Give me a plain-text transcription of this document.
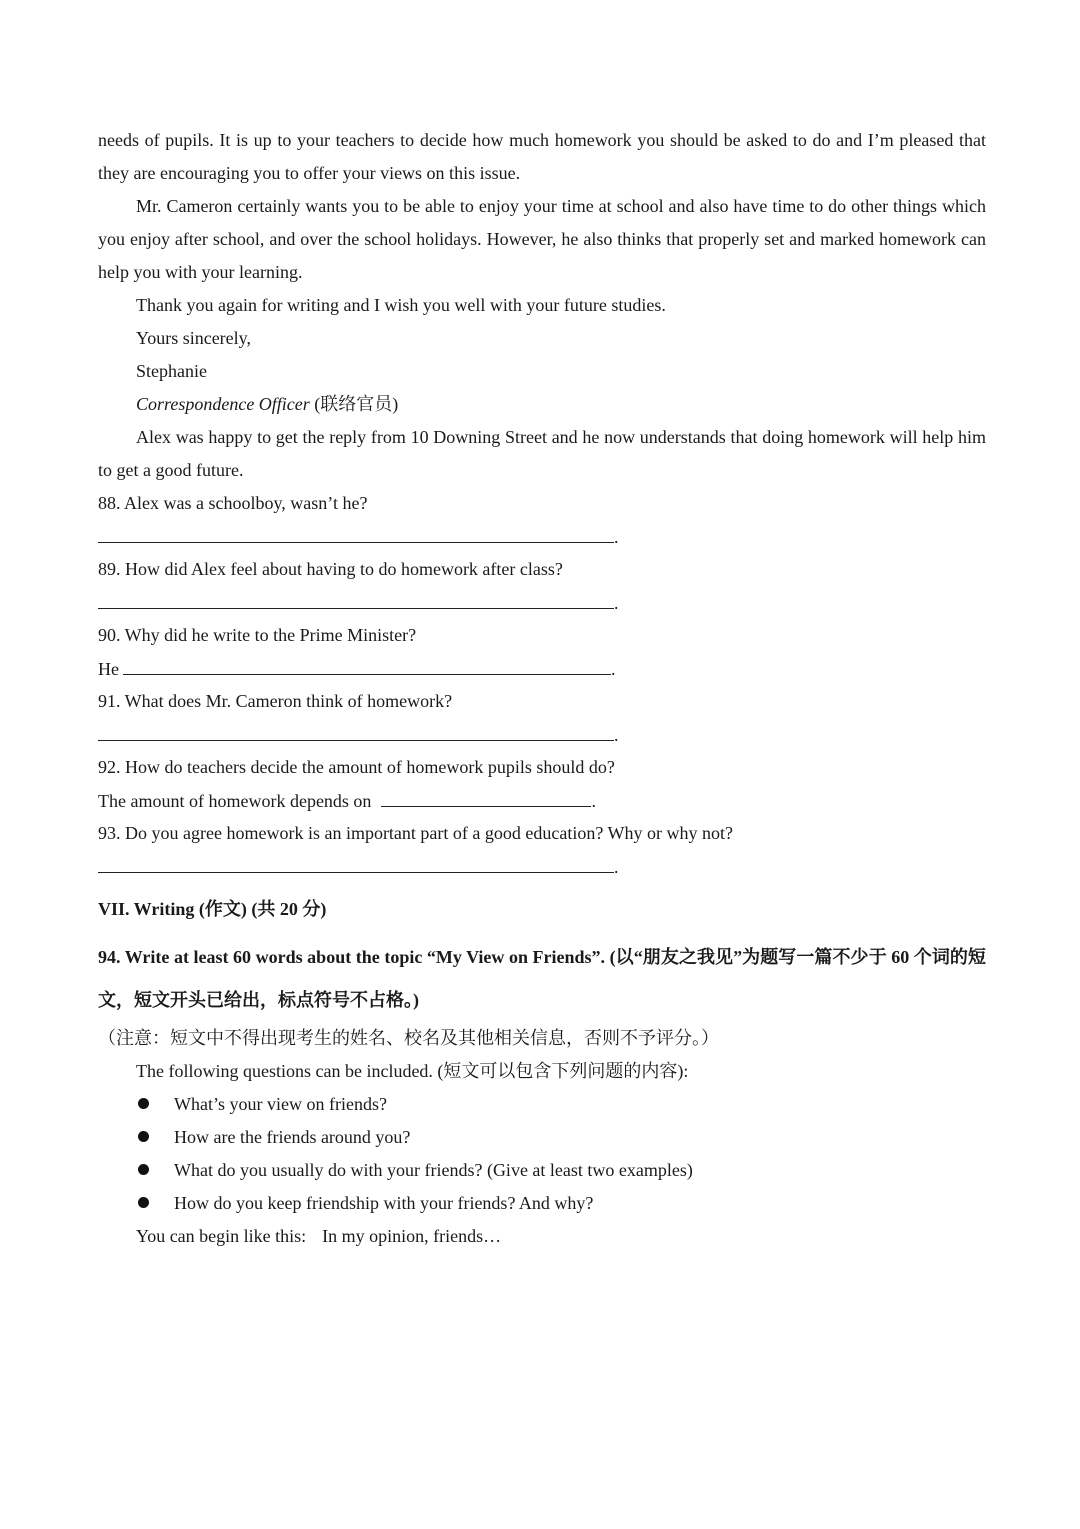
needs of pupils. It is up to your teachers to decide how much homework you should be asked to do and I’m pleased that they are encouraging you to offer your views on this issue.

Mr. Cameron certainly wants you to be able to enjoy your time at school and also have time to do other things which you enjoy after school, and over the school holidays. However, he also thinks that properly set and marked homework can help you with your learning.

Thank you again for writing and I wish you well with your future studies.

Yours sincerely,

Stephanie

Correspondence Officer (联络官员)

Alex was happy to get the reply from 10 Downing Street and he now understands that doing homework will help him to get a good future.

88. Alex was a schoolboy, wasn’t he?

.

89. How did Alex feel about having to do homework after class?

.

90. Why did he write to the Prime Minister?

He	.

91. What does Mr. Cameron think of homework?

.

92. How do teachers decide the amount of homework pupils should do?

The amount of homework depends on	.

93. Do you agree homework is an important part of a good education? Why or why not?

.

VII. Writing (作文) (共 20 分)

94. Write at least 60 words about the topic “My View on Friends”. (以“朋友之我见”为题写一篇不少于 60 个词的短文，短文开头已给出，标点符号不占格。)

（注意：短文中不得出现考生的姓名、校名及其他相关信息，否则不予评分。）

The following questions can be included. (短文可以包含下列问题的内容):

What’s your view on friends?
How are the friends around you?
What do you usually do with your friends? (Give at least two examples)
How do you keep friendship with your friends? And why?

You can begin like this: In my opinion, friends…
